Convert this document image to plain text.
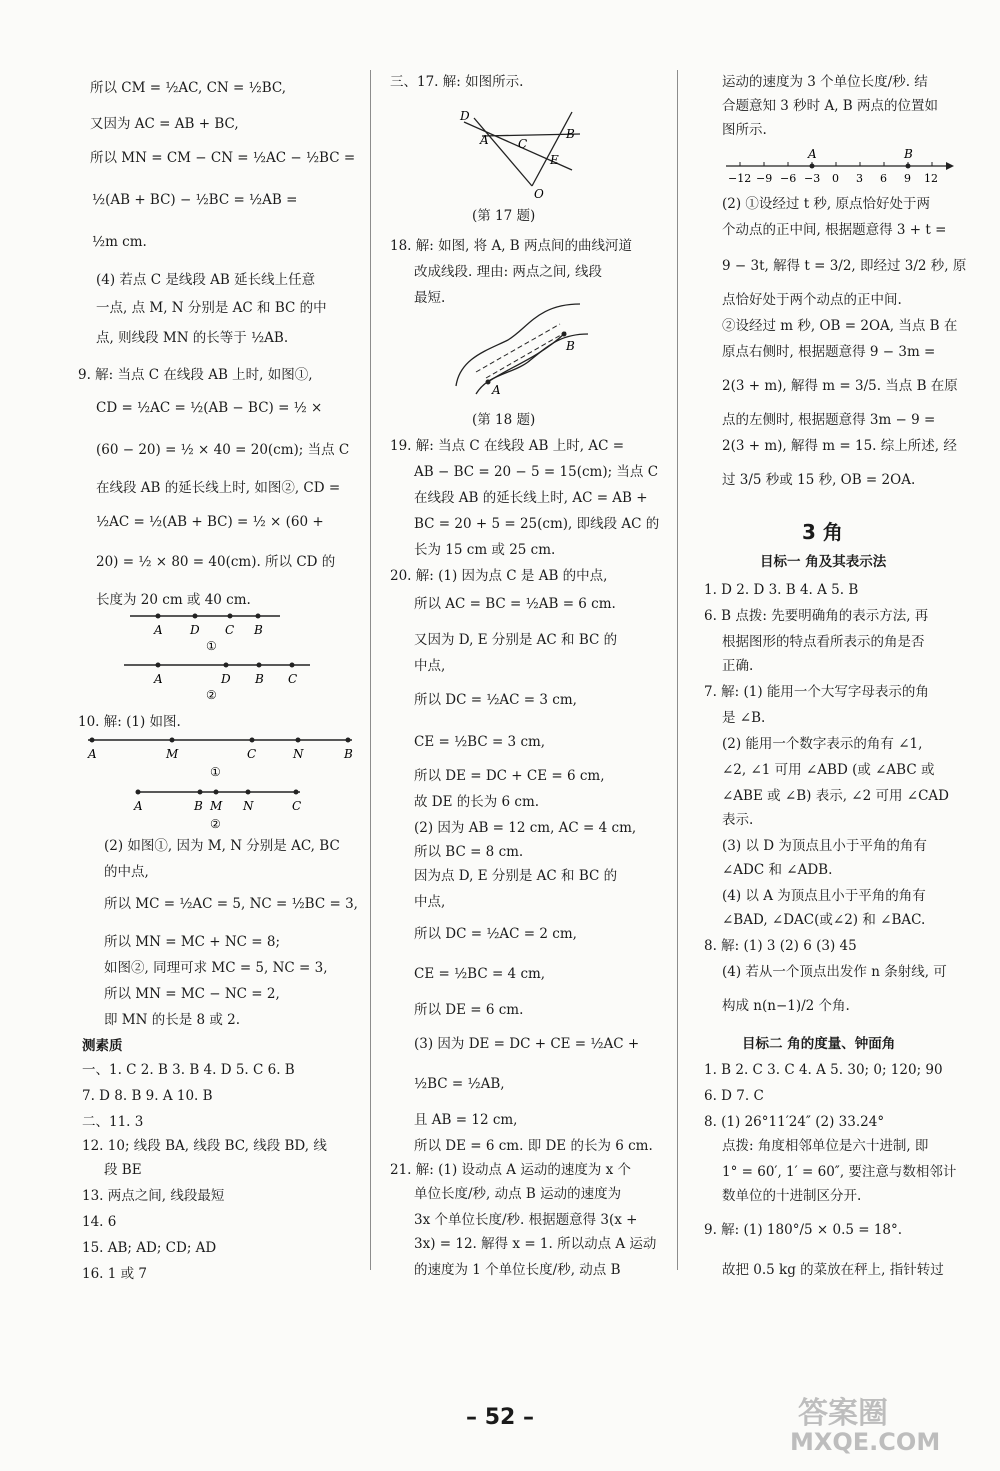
所以 CM = ½AC, CN = ½BC,
又因为 AC = AB + BC,
所以 MN = CM − CN = ½AC − ½BC =
½(AB + BC) − ½BC = ½AB =
½m cm.
(4) 若点 C 是线段 AB 延长线上任意
一点, 点 M, N 分别是 AC 和 BC 的中
点, 则线段 MN 的长等于 ½AB.
9. 解: 当点 C 在线段 AB 上时, 如图①,
CD = ½AC = ½(AB − BC) = ½ ×
(60 − 20) = ½ × 40 = 20(cm); 当点 C
在线段 AB 的延长线上时, 如图②, CD =
½AC = ½(AB + BC) = ½ × (60 +
20) = ½ × 80 = 40(cm). 所以 CD 的
长度为 20 cm 或 40 cm.
10. 解: (1) 如图.
(2) 如图①, 因为 M, N 分别是 AC, BC
的中点,
所以 MC = ½AC = 5, NC = ½BC = 3,
所以 MN = MC + NC = 8;
如图②, 同理可求 MC = 5, NC = 3,
所以 MN = MC − NC = 2,
即 MN 的长是 8 或 2.
测素质
一、1. C 2. B 3. B 4. D 5. C 6. B
7. D 8. B 9. A 10. B
二、11. 3
12. 10; 线段 BA, 线段 BC, 线段 BD, 线
段 BE
13. 两点之间, 线段最短
14. 6
15. AB; AD; CD; AD
16. 1 或 7
A D C B
①
A	D B C
②
A	M	C	N	B
①
A	B M N	C
②
三、17. 解: 如图所示.
(第 17 题)
18. 解: 如图, 将 A, B 两点间的曲线河道
改成线段. 理由: 两点之间, 线段
最短.
(第 18 题)
19. 解: 当点 C 在线段 AB 上时, AC =
AB − BC = 20 − 5 = 15(cm); 当点 C
在线段 AB 的延长线上时, AC = AB +
BC = 20 + 5 = 25(cm), 即线段 AC 的
长为 15 cm 或 25 cm.
20. 解: (1) 因为点 C 是 AB 的中点,
所以 AC = BC = ½AB = 6 cm.
又因为 D, E 分别是 AC 和 BC 的
中点,
所以 DC = ½AC = 3 cm,
CE = ½BC = 3 cm,
所以 DE = DC + CE = 6 cm,
故 DE 的长为 6 cm.
(2) 因为 AB = 12 cm, AC = 4 cm,
所以 BC = 8 cm.
因为点 D, E 分别是 AC 和 BC 的
中点,
所以 DC = ½AC = 2 cm,
CE = ½BC = 4 cm,
所以 DE = 6 cm.
(3) 因为 DE = DC + CE = ½AC +
½BC = ½AB,
且 AB = 12 cm,
所以 DE = 6 cm. 即 DE 的长为 6 cm.
21. 解: (1) 设动点 A 运动的速度为 x 个
单位长度/秒, 动点 B 运动的速度为
3x 个单位长度/秒. 根据题意得 3(x +
3x) = 12. 解得 x = 1. 所以动点 A 运动
的速度为 1 个单位长度/秒, 动点 B
D
A C
B
E
O
B
A
运动的速度为 3 个单位长度/秒. 结
合题意知 3 秒时 A, B 两点的位置如
图所示.
(2) ①设经过 t 秒, 原点恰好处于两
个动点的正中间, 根据题意得 3 + t =
9 − 3t, 解得 t = 3/2, 即经过 3/2 秒, 原
点恰好处于两个动点的正中间.
②设经过 m 秒, OB = 2OA, 当点 B 在
原点右侧时, 根据题意得 9 − 3m =
2(3 + m), 解得 m = 3/5. 当点 B 在原
点的左侧时, 根据题意得 3m − 9 =
2(3 + m), 解得 m = 15. 综上所述, 经
过 3/5 秒或 15 秒, OB = 2OA.
1. D 2. D 3. B 4. A 5. B
6. B 点拨: 先要明确角的表示方法, 再
根据图形的特点看所表示的角是否
正确.
7. 解: (1) 能用一个大写字母表示的角
是 ∠B.
(2) 能用一个数字表示的角有 ∠1,
∠2, ∠1 可用 ∠ABD (或 ∠ABC 或
∠ABE 或 ∠B) 表示, ∠2 可用 ∠CAD
表示.
(3) 以 D 为顶点且小于平角的角有
∠ADC 和 ∠ADB.
(4) 以 A 为顶点且小于平角的角有
∠BAD, ∠DAC(或∠2) 和 ∠BAC.
8. 解: (1) 3 (2) 6 (3) 45
(4) 若从一个顶点出发作 n 条射线, 可
构成 n(n−1)/2 个角.
目标二 角的度量、钟面角
1. B 2. C 3. C 4. A 5. 30; 0; 120; 90
6. D 7. C
8. (1) 26°11′24″ (2) 33.24°
点拨: 角度相邻单位是六十进制, 即
1° = 60′, 1′ = 60″, 要注意与数相邻计
数单位的十进制区分开.
9. 解: (1) 180°/5 × 0.5 = 18°.
故把 0.5 kg 的菜放在秤上, 指针转过
3 角
目标一 角及其表示法
A	B
−12 −9 −6 −3 0 3 6 9 12
– 52 –	答案圈
MXQE.COM
